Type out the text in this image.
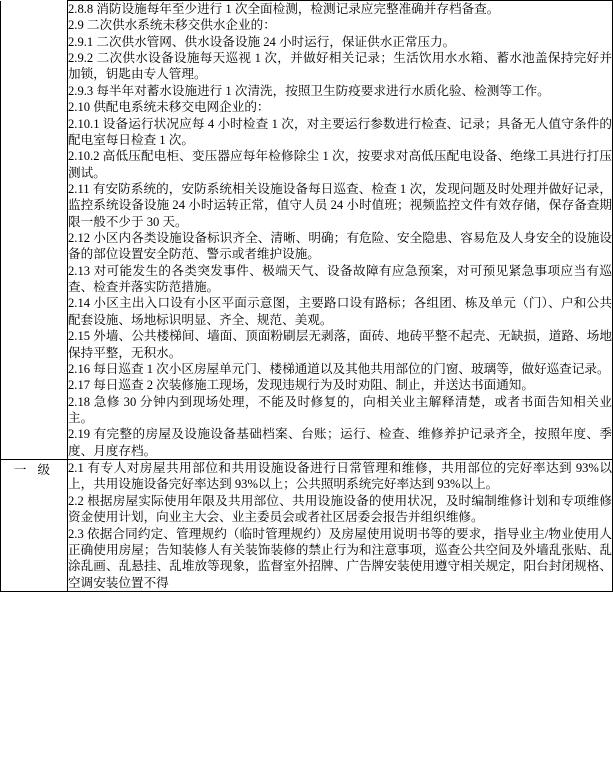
2.8.8 消防设施每年至少进行 1 次全面检测，检测记录应完整准确并存档备查。

2.9 二次供水系统未移交供水企业的：

2.9.1 二次供水管网、供水设备设施 24 小时运行，保证供水正常压力。

2.9.2 二次供水设备设施每天巡视 1 次，并做好相关记录；生活饮用水水箱、蓄水池盖保持完好并加锁，钥匙由专人管理。

2.9.3 每半年对蓄水设施进行 1 次清洗，按照卫生防疫要求进行水质化验、检测等工作。

2.10 供配电系统未移交电网企业的：

2.10.1 设备运行状况应每 4 小时检查 1 次，对主要运行参数进行检查、记录；具备无人值守条件的配电室每日检查 1 次。

2.10.2 高低压配电柜、变压器应每年检修除尘 1 次，按要求对高低压配电设备、绝缘工具进行打压测试。

2.11 有安防系统的，安防系统相关设施设备每日巡查、检查 1 次，发现问题及时处理并做好记录，监控系统设备设施 24 小时运转正常，值守人员 24 小时值班；视频监控文件有效存储，保存备查期限一般不少于 30 天。

2.12 小区内各类设施设备标识齐全、清晰、明确；有危险、安全隐患、容易危及人身安全的设施设备的部位设置安全防范、警示或者维护设施。

2.13 对可能发生的各类突发事件、极端天气、设备故障有应急预案，对可预见紧急事项应当有巡查、检查并落实防范措施。

2.14 小区主出入口设有小区平面示意图，主要路口设有路标；各组团、栋及单元（门）、户和公共配套设施、场地标识明显、齐全、规范、美观。

2.15 外墙、公共楼梯间、墙面、顶面粉刷层无剥落，面砖、地砖平整不起壳、无缺损，道路、场地保持平整，无积水。

2.16 每日巡查 1 次小区房屋单元门、楼梯通道以及其他共用部位的门窗、玻璃等，做好巡查记录。

2.17 每日巡查 2 次装修施工现场，发现违规行为及时劝阻、制止，并送达书面通知。

2.18 急修 30 分钟内到现场处理，不能及时修复的，向相关业主解释清楚，或者书面告知相关业主。

2.19 有完整的房屋及设施设备基础档案、台账；运行、检查、维修养护记录齐全，按照年度、季度、月度存档。

一 级	2.1 有专人对房屋共用部位和共用设施设备进行日常管理和维修，共用部位的完好率达到 93%以上，共用设施设备完好率达到 93%以上；公共照明系统完好率达到 93%以上。

2.2 根据房屋实际使用年限及共用部位、共用设施设备的使用状况，及时编制维修计划和专项维修资金使用计划，向业主大会、业主委员会或者社区居委会报告并组织维修。

2.3 依据合同约定、管理规约（临时管理规约）及房屋使用说明书等的要求，指导业主/物业使用人正确使用房屋；告知装修人有关装饰装修的禁止行为和注意事项，巡查公共空间及外墙乱张贴、乱涂乱画、乱悬挂、乱堆放等现象，监督室外招牌、广告牌安装使用遵守相关规定，阳台封闭规格、空调安装位置不得
